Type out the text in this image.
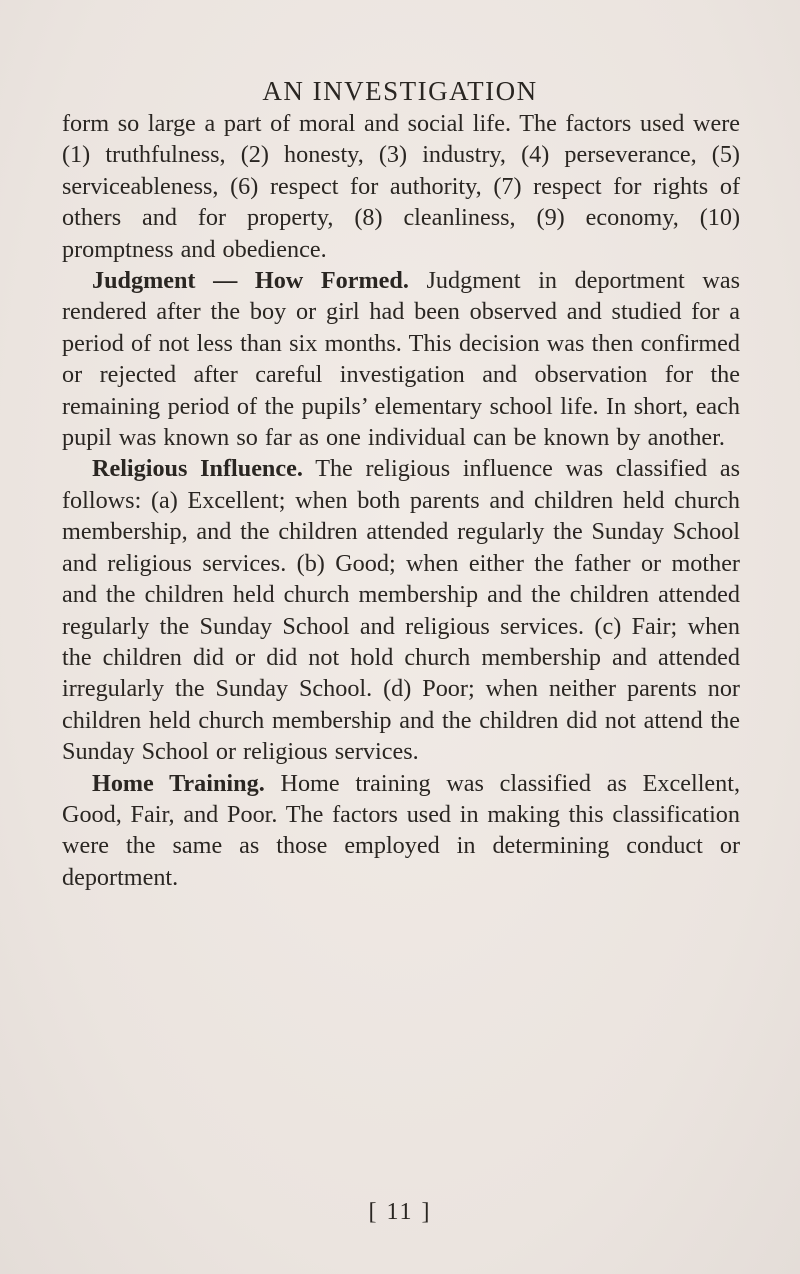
AN INVESTIGATION

form so large a part of moral and social life. The factors used were (1) truthfulness, (2) honesty, (3) industry, (4) perseverance, (5) serviceableness, (6) respect for authority, (7) respect for rights of others and for property, (8) cleanliness, (9) economy, (10) promptness and obedience.

Judgment — How Formed. Judgment in deportment was rendered after the boy or girl had been observed and studied for a period of not less than six months. This decision was then confirmed or rejected after careful investigation and observation for the remaining period of the pupils’ elementary school life. In short, each pupil was known so far as one individual can be known by another.

Religious Influence. The religious influence was classified as follows: (a) Excellent; when both parents and children held church membership, and the children attended regularly the Sunday School and religious services. (b) Good; when either the father or mother and the children held church membership and the children attended regularly the Sunday School and religious services. (c) Fair; when the children did or did not hold church membership and attended irregularly the Sunday School. (d) Poor; when neither parents nor children held church membership and the children did not attend the Sunday School or religious services.

Home Training. Home training was classified as Excellent, Good, Fair, and Poor. The factors used in making this classification were the same as those employed in determining conduct or deportment.

[ 11 ]
